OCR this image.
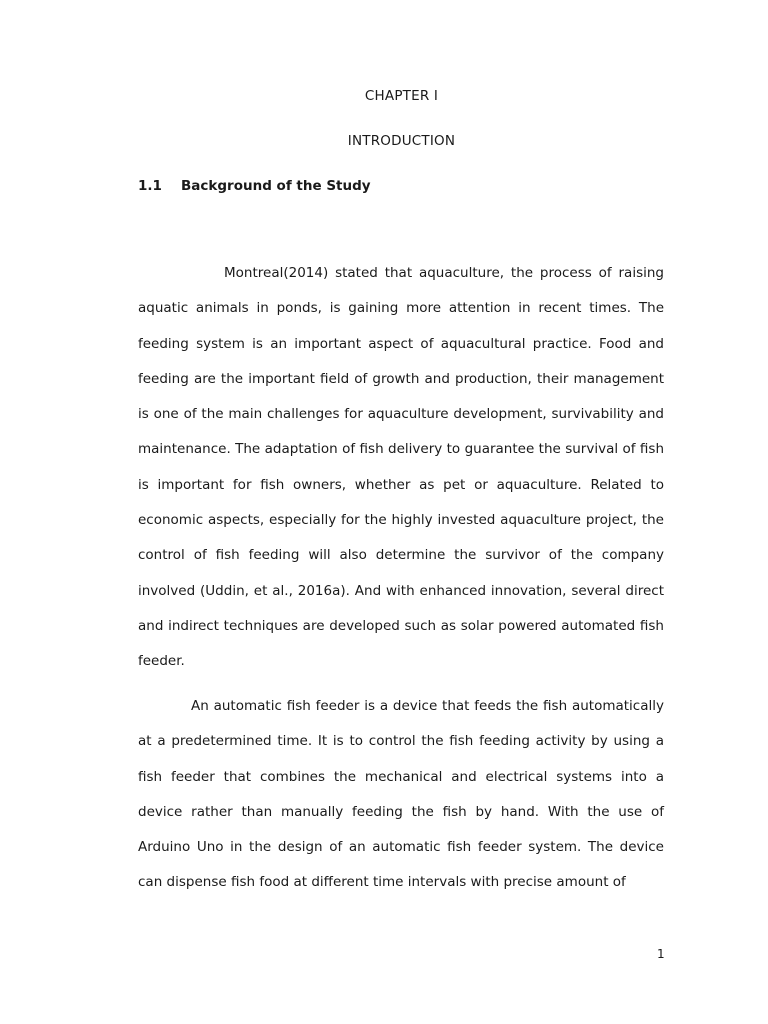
CHAPTER I
INTRODUCTION
1.1 Background of the Study
Montreal(2014) stated that aquaculture, the process of raising aquatic animals in ponds, is gaining more attention in recent times. The feeding system is an important aspect of aquacultural practice. Food and feeding are the important field of growth and production, their management is one of the main challenges for aquaculture development, survivability and maintenance. The adaptation of fish delivery to guarantee the survival of fish is important for fish owners, whether as pet or aquaculture. Related to economic aspects, especially for the highly invested aquaculture project, the control of fish feeding will also determine the survivor of the company involved (Uddin, et al., 2016a). And with enhanced innovation, several direct and indirect techniques are developed such as solar powered automated fish feeder.
An automatic fish feeder is a device that feeds the fish automatically at a predetermined time. It is to control the fish feeding activity by using a fish feeder that combines the mechanical and electrical systems into a device rather than manually feeding the fish by hand. With the use of Arduino Uno in the design of an automatic fish feeder system. The device can dispense fish food at different time intervals with precise amount of
1
